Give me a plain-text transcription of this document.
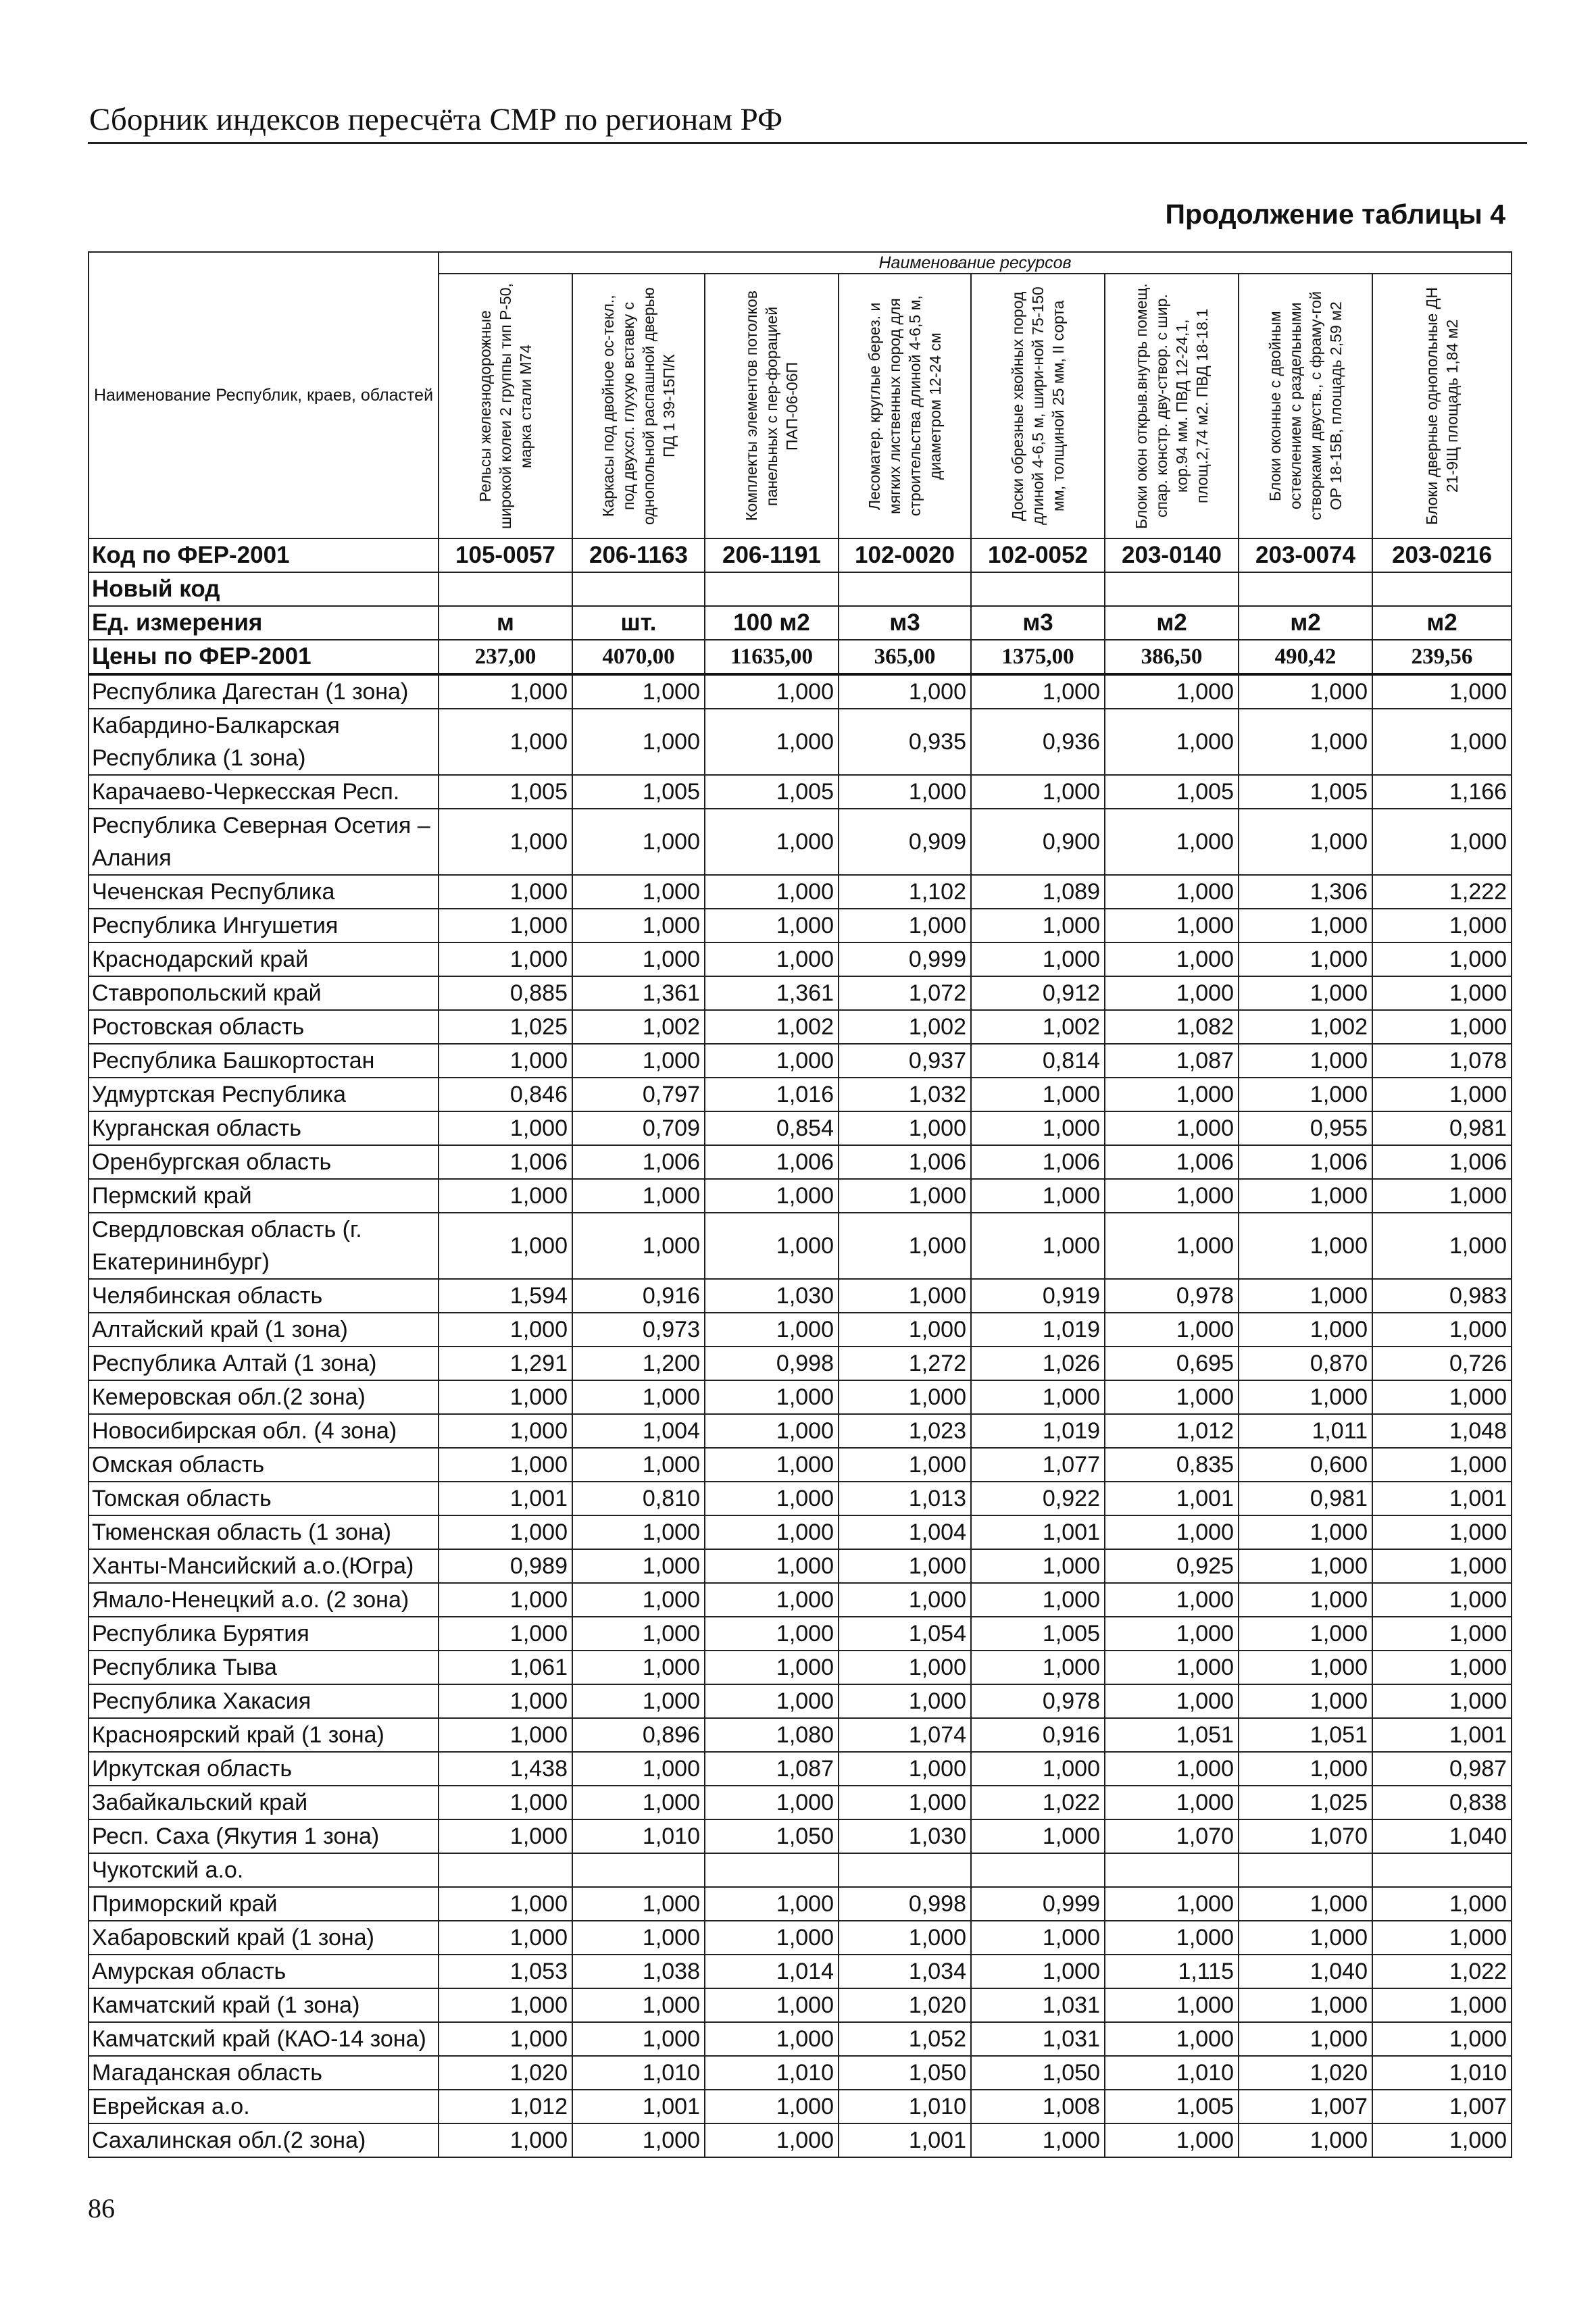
Сборник индексов пересчёта СМР по регионам РФ
Продолжение таблицы 4
Наименование Республик, краев, областей	Наименование ресурсов							

	Рельсы железнодорожные широкой колеи 2 группы тип Р-50, марка стали М74	Каркасы под двойное ос-текл., под двухсл. глухую вставку с однопольной распашной дверью ПД 1 39-15П/К	Комплекты элементов потолков панельных с пер-форацией ПАП-06-06П	Лесоматер. круглые берез. и мягких лиственных пород для строительства длиной 4-6,5 м, диаметром 12-24 см	Доски обрезные хвойных пород длиной 4-6,5 м, шири-ной 75-150 мм, толщиной 25 мм, II сорта	Блоки окон открыв.внутрь помещ. спар. констр. дву-створ. с шир. кор.94 мм. ПВД 12-24,1, площ.2,74 м2. ПВД 18-18.1	Блоки оконные с двойным остеклением с раздельными створками двуств., с фраму-гой ОР 18-15В, площадь 2,59 м2	Блоки дверные однопольные ДН 21-9Щ площадь 1,84 м2

Код по ФЕР-2001	105-0057	206-1163	206-1191	102-0020	102-0052	203-0140	203-0074	203-0216
Новый код								
Ед. измерения	м	шт.	100 м2	м3	м3	м2	м2	м2
Цены по ФЕР-2001	237,00	4070,00	11635,00	365,00	1375,00	386,50	490,42	239,56
Республика Дагестан (1 зона)	1,000	1,000	1,000	1,000	1,000	1,000	1,000	1,000
Кабардино-Балкарская Республика (1 зона)	1,000	1,000	1,000	0,935	0,936	1,000	1,000	1,000
Карачаево-Черкесская Респ.	1,005	1,005	1,005	1,000	1,000	1,005	1,005	1,166
Республика Северная Осетия – Алания	1,000	1,000	1,000	0,909	0,900	1,000	1,000	1,000
Чеченская Республика	1,000	1,000	1,000	1,102	1,089	1,000	1,306	1,222
Республика Ингушетия	1,000	1,000	1,000	1,000	1,000	1,000	1,000	1,000
Краснодарский край	1,000	1,000	1,000	0,999	1,000	1,000	1,000	1,000
Ставропольский край	0,885	1,361	1,361	1,072	0,912	1,000	1,000	1,000
Ростовская область	1,025	1,002	1,002	1,002	1,002	1,082	1,002	1,000
Республика Башкортостан	1,000	1,000	1,000	0,937	0,814	1,087	1,000	1,078
Удмуртская Республика	0,846	0,797	1,016	1,032	1,000	1,000	1,000	1,000
Курганская область	1,000	0,709	0,854	1,000	1,000	1,000	0,955	0,981
Оренбургская область	1,006	1,006	1,006	1,006	1,006	1,006	1,006	1,006
Пермский край	1,000	1,000	1,000	1,000	1,000	1,000	1,000	1,000
Свердловская область (г. Екатерининбург)	1,000	1,000	1,000	1,000	1,000	1,000	1,000	1,000
Челябинская область	1,594	0,916	1,030	1,000	0,919	0,978	1,000	0,983
Алтайский край (1 зона)	1,000	0,973	1,000	1,000	1,019	1,000	1,000	1,000
Республика Алтай (1 зона)	1,291	1,200	0,998	1,272	1,026	0,695	0,870	0,726
Кемеровская обл.(2 зона)	1,000	1,000	1,000	1,000	1,000	1,000	1,000	1,000
Новосибирская обл. (4 зона)	1,000	1,004	1,000	1,023	1,019	1,012	1,011	1,048
Омская область	1,000	1,000	1,000	1,000	1,077	0,835	0,600	1,000
Томская область	1,001	0,810	1,000	1,013	0,922	1,001	0,981	1,001
Тюменская область (1 зона)	1,000	1,000	1,000	1,004	1,001	1,000	1,000	1,000
Ханты-Мансийский а.о.(Югра)	0,989	1,000	1,000	1,000	1,000	0,925	1,000	1,000
Ямало-Ненецкий а.о. (2 зона)	1,000	1,000	1,000	1,000	1,000	1,000	1,000	1,000
Республика Бурятия	1,000	1,000	1,000	1,054	1,005	1,000	1,000	1,000
Республика Тыва	1,061	1,000	1,000	1,000	1,000	1,000	1,000	1,000
Республика Хакасия	1,000	1,000	1,000	1,000	0,978	1,000	1,000	1,000
Красноярский край (1 зона)	1,000	0,896	1,080	1,074	0,916	1,051	1,051	1,001
Иркутская область	1,438	1,000	1,087	1,000	1,000	1,000	1,000	0,987
Забайкальский край	1,000	1,000	1,000	1,000	1,022	1,000	1,025	0,838
Респ. Саха (Якутия 1 зона)	1,000	1,010	1,050	1,030	1,000	1,070	1,070	1,040
Чукотский а.о.								
Приморский край	1,000	1,000	1,000	0,998	0,999	1,000	1,000	1,000
Хабаровский край (1 зона)	1,000	1,000	1,000	1,000	1,000	1,000	1,000	1,000
Амурская область	1,053	1,038	1,014	1,034	1,000	1,115	1,040	1,022
Камчатский край (1 зона)	1,000	1,000	1,000	1,020	1,031	1,000	1,000	1,000
Камчатский край (КАО-14 зона)	1,000	1,000	1,000	1,052	1,031	1,000	1,000	1,000
Магаданская область	1,020	1,010	1,010	1,050	1,050	1,010	1,020	1,010
Еврейская а.о.	1,012	1,001	1,000	1,010	1,008	1,005	1,007	1,007
Сахалинская обл.(2 зона)	1,000	1,000	1,000	1,001	1,000	1,000	1,000	1,000
86
